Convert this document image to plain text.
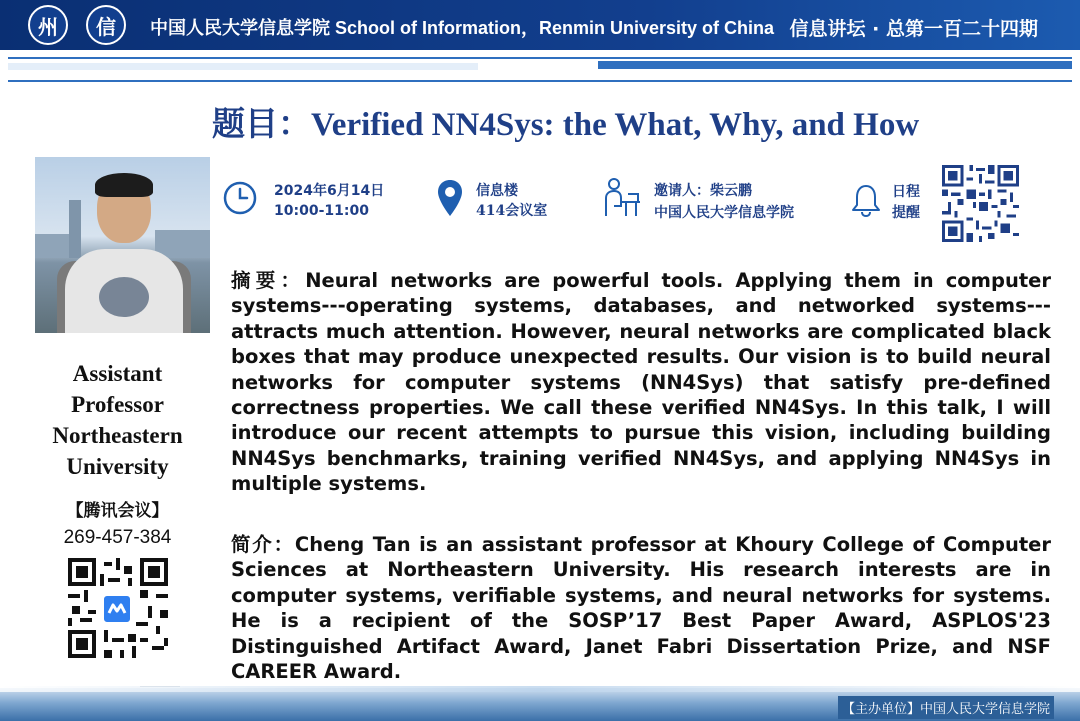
州	信	中国人民大学信息学院 School of Information，Renmin University of China 信息讲坛 · 总第一百二十四期
题目：Verified NN4Sys: the What, Why, and How
Assistant
Professor
Northeastern
University
【腾讯会议】
269-457-384
2024年6月14日
10:00-11:00
信息楼
414会议室
邀请人：柴云鹏
中国人民大学信息学院
日程
提醒
摘要：Neural networks are powerful tools. Applying them in computer systems---operating systems, databases, and networked systems---attracts much attention. However, neural networks are complicated black boxes that may produce unexpected results. Our vision is to build neural networks for computer systems (NN4Sys) that satisfy pre-defined correctness properties. We call these verified NN4Sys. In this talk, I will introduce our recent attempts to pursue this vision, including building NN4Sys benchmarks, training verified NN4Sys, and applying NN4Sys in multiple systems.
简介：Cheng Tan is an assistant professor at Khoury College of Computer Sciences at Northeastern University. His research interests are in computer systems, verifiable systems, and neural networks for systems. He is a recipient of the SOSP’17 Best Paper Award, ASPLOS'23 Distinguished Artifact Award, Janet Fabri Dissertation Prize, and NSF CAREER Award.
【主办单位】中国人民大学信息学院
